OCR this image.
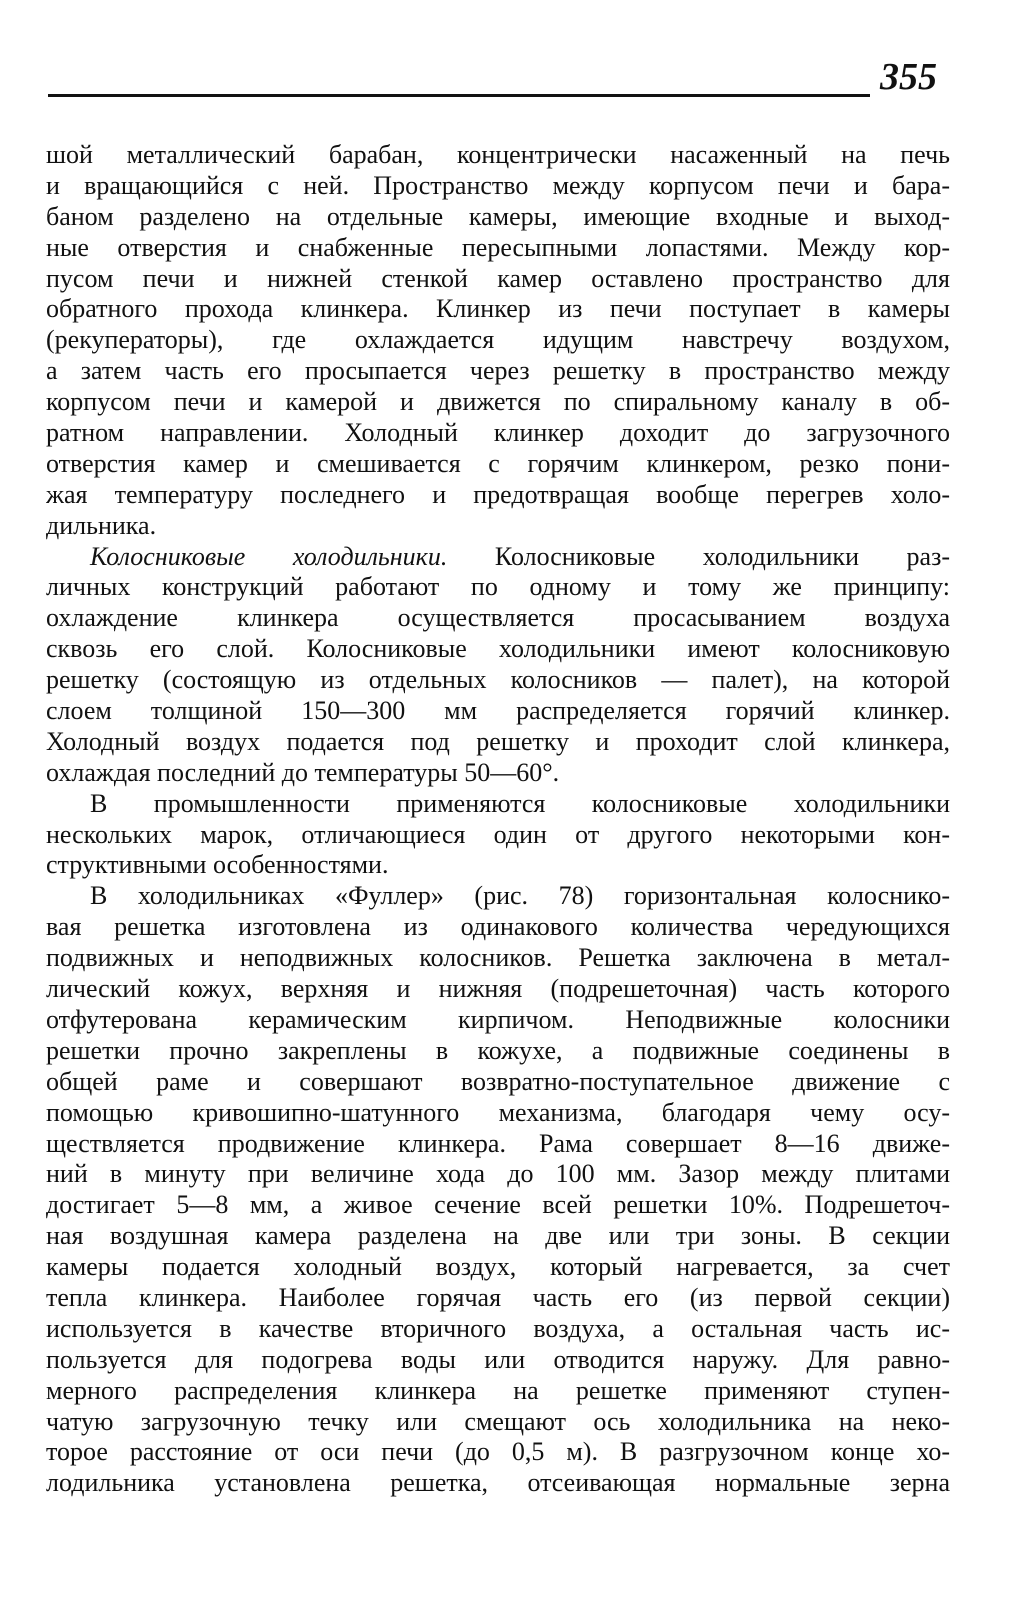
355
шой металлический барабан, концентрически насаженный на печь
и вращающийся с ней. Пространство между корпусом печи и бара-
баном разделено на отдельные камеры, имеющие входные и выход-
ные отверстия и снабженные пересыпными лопастями. Между кор-
пусом печи и нижней стенкой камер оставлено пространство для
обратного прохода клинкера. Клинкер из печи поступает в камеры
(рекуператоры), где охлаждается идущим навстречу воздухом,
а затем часть его просыпается через решетку в пространство между
корпусом печи и камерой и движется по спиральному каналу в об-
ратном направлении. Холодный клинкер доходит до загрузочного
отверстия камер и смешивается с горячим клинкером, резко пони-
жая температуру последнего и предотвращая вообще перегрев холо-
дильника.
Колосниковые холодильники. Колосниковые холодильники раз-
личных конструкций работают по одному и тому же принципу:
охлаждение клинкера осуществляется просасыванием воздуха
сквозь его слой. Колосниковые холодильники имеют колосниковую
решетку (состоящую из отдельных колосников — палет), на которой
слоем толщиной 150—300 мм распределяется горячий клинкер.
Холодный воздух подается под решетку и проходит слой клинкера,
охлаждая последний до температуры 50—60°.
В промышленности применяются колосниковые холодильники
нескольких марок, отличающиеся один от другого некоторыми кон-
структивными особенностями.
В холодильниках «Фуллер» (рис. 78) горизонтальная колоснико-
вая решетка изготовлена из одинакового количества чередующихся
подвижных и неподвижных колосников. Решетка заключена в метал-
лический кожух, верхняя и нижняя (подрешеточная) часть которого
отфутерована керамическим кирпичом. Неподвижные колосники
решетки прочно закреплены в кожухе, а подвижные соединены в
общей раме и совершают возвратно-поступательное движение с
помощью кривошипно-шатунного механизма, благодаря чему осу-
ществляется продвижение клинкера. Рама совершает 8—16 движе-
ний в минуту при величине хода до 100 мм. Зазор между плитами
достигает 5—8 мм, а живое сечение всей решетки 10%. Подрешеточ-
ная воздушная камера разделена на две или три зоны. В секции
камеры подается холодный воздух, который нагревается, за счет
тепла клинкера. Наиболее горячая часть его (из первой секции)
используется в качестве вторичного воздуха, а остальная часть ис-
пользуется для подогрева воды или отводится наружу. Для равно-
мерного распределения клинкера на решетке применяют ступен-
чатую загрузочную течку или смещают ось холодильника на неко-
торое расстояние от оси печи (до 0,5 м). В разгрузочном конце хо-
лодильника установлена решетка, отсеивающая нормальные зерна
